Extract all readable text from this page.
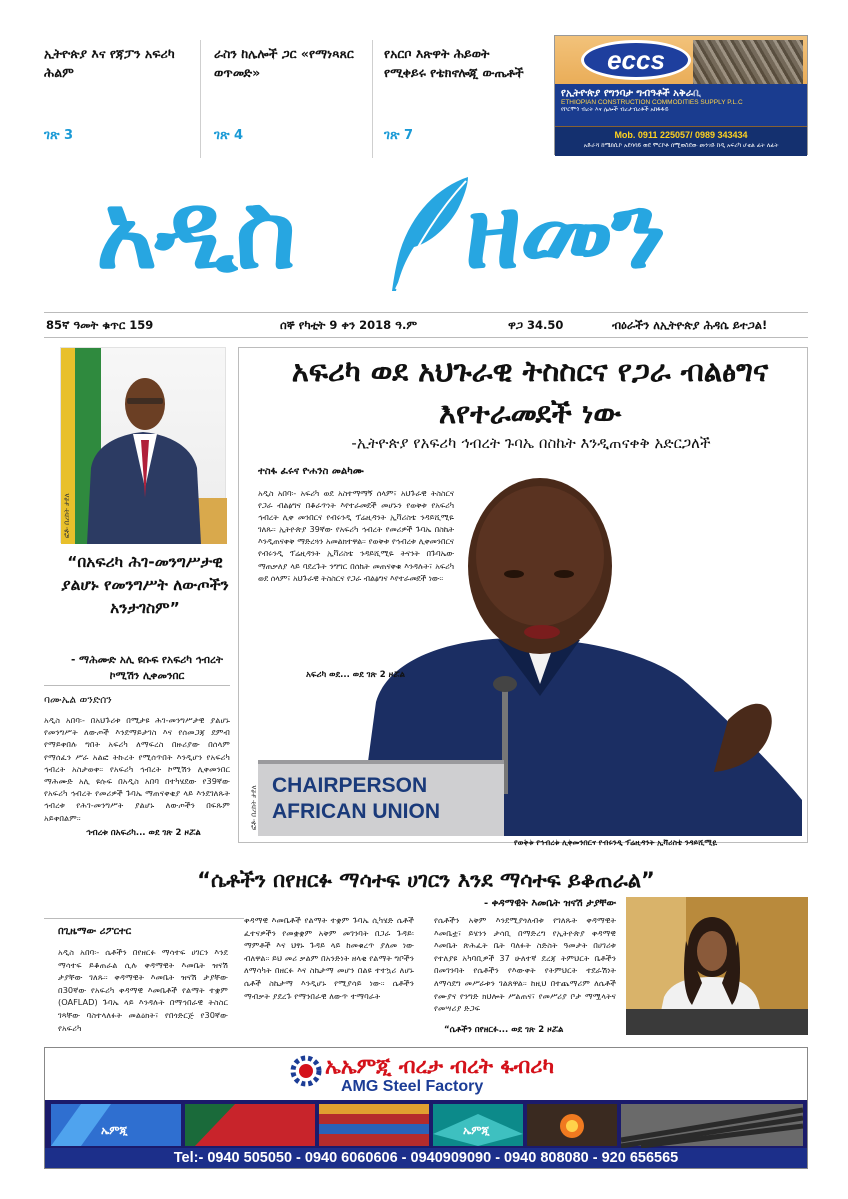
ኢትዮጵያ እና የጃፓን አፍሪካ ሕልም
ገጽ 3
ራስን ከሌሎች ጋር «የማነጻጸር ወጥመድ»
ገጽ 4
የአርቦ እጽዋት ሕይወት የሚቀይሩ የቴክኖሎጂ ውጤቶች
ገጽ 7
eccs
የኢትዮጵያ የግንባታ ግብዓቶች አቅራቢ
ETHIOPIAN CONSTRUCTION COMMODITIES SUPPLY P.L.C
የኮርሞጎ ብረት እና ሌሎች ብረታብረቶች አከፋፋይ
Mob. 0911 225057/ 0989 343434
አድራሻ ከሜክሲኮ አደባባይ ወደ ሞርኮቶ በሚወስደው መንገድ ከዲ አፍሪካ ሆቴል ፊት ለፊት
አዲስ ዘመን
85ኛ ዓመት ቁጥር 159	ሰኞ የካቲት 9 ቀን 2018 ዓ.ም	ዋጋ 34.50	ብዕራችን ለኢትዮጵያ ሕዳሴ ይተጋል!
ፎቶ፡ በረከት ታደለ
“በአፍሪካ ሕገ-መንግሥታዊ ያልሆኑ የመንግሥት ለውጦችን አንታገስም”
- ማሕሙድ አሊ ዩሱፍ የአፍሪካ ኅብረት ኮሚሽን ሊቀመንበር
ባሙኤል ወንድሰን
አዲስ አበባ፡- በአህጉሪቱ በሚታዩ ሕገ-መንግሥታዊ ያልሆኑ የመንግሥት ለውጦች እንደማይታገስ እና የሰመጋጃ ደምብ የማይቀበሉ ግበት አፍሪካ ለማፍረስ በዙሪያው በሰላም የማሰፈን ሥራ አልፎ ትኩረት የሚሰጥበት እንዲሆን የአፍሪካ ኅብረት አስታወቀ። የአፍሪካ ኅብረት ኮሚሽን ሊቀመንበር ማሕሙድ አሊ ዩሱፍ በአዲስ አበባ በተካሄደው የ39ኛው የአፍሪካ ኅብረት የመሪዎች ጉባኤ ማጠናቀቂያ ላይ እንደገለጹት ኅብረቱ የሕገ-መንግሥት ያልሆኑ ለውጦችን በፍጹም አይቀበልም።
ኅብረቱ በአፍሪካ... ወደ ገጽ 2 ዞሯል
አፍሪካ ወደ አህጉራዊ ትስስርና የጋራ ብልፅግና እየተራመደች ነው
-ኢትዮጵያ የአፍሪካ ኅብረት ጉባኤ በስኬት እንዲጠናቀቅ አድርጋለች
CHAIRPERSON
AFRICAN UNION
ፎቶ፡ በረከት ታደለ
ተስፋ ፈሩና ዮሐንስ መልካሙ
አዲስ አበባ፡- አፍሪካ ወደ አስተማማኝ ሰላም፣ አህጉራዊ ትስስርና የጋራ ብልፅግና በቆራጥነት እየተራመደች መሆኑን የወቅቱ የአፍሪካ ኅብረት ሊቀ መንበርና የብሩንዲ ፕሬዚዳንት ኢቫሪስቴ ንዳይሺሚዬ ገለጹ። ኢትዮጵያ 39ኛው የአፍሪካ ኅብረት የመሪዎች ጉባኤ በስኬት እንዲጠናቀቅ ማድረጓን አመልክተዋል። የወቅቱ የኅብረቱ ሊቀመንበርና የብሩንዲ ፕሬዚዳንት ኢቫሪስቴ ንዳይሺሚዬ ትናንት በጉባኤው ማጠቃለያ ላይ ባደረጉት ንግግር በሰኬት መጠናቀቁ እንዳሉት፣ አፍሪካ ወደ ሰላም፣ አህጉራዊ ትስስርና የጋራ ብልፅግና እየተራመደች ነው።
አፍሪካ ወደ... ወደ ገጽ 2 ዞሯል
የወቅቱ የኅብረቱ ሊቀመንበርና የብሩንዲ ፕሬዚዳንት ኢቫሪስቴ ንዳይሺሚዬ
“ሴቶችን በየዘርፉ ማሳተፍ ሀገርን እንደ ማሳተፍ ይቆጠራል”
- ቀዳማዊት እመቤት ዝናሽ ታያቸው
በጊዜማው ሪፖርተር
አዲስ አበባ፡- ሴቶችን በየዘርፉ ማሳተፍ ሀገርን እንደ ማሳተፍ ይቆጠራል ሲሉ ቀዳማዊት እመቤት ዝናሽ ታያቸው ገለጹ። ቀዳማዊት እመቤት ዝናሽ ታያቸው በ30ኛው የአፍሪካ ቀዳማዊ እመቤቶች የልማት ተቋም (OAFLAD) ጉባኤ ላይ እንዳሉት በማኅበራዊ ትስስር ገጻቸው ባስተላለፉት መልዕክት፣ የበጎድርጅ የ30ኛው የአፍሪካ
ቀዳማዊ እመቤቶች የልማት ተቋም ጉባኤ ሲካሄድ ሴቶች ፈተናዎችን የመቋቋም አቅም መገንባት በጋራ ጉዳይ፡ ማምቶች እና ህፃኑ ጉዳይ ላይ ከመቁረጥ ያለመ ነው ብለዋል። ይህ መሪ ቃልም በአንድነት ዘላቂ የልማት ግቦችን ለማሳካት በዘርፉ እና ስኬታማ መሆን በልዩ ተተኳሪ ለሆኑ ሴቶች ስኬታማ እንዲሆኑ የሚያሳይ ነው። ሴቶችን ማብቃት ያደረጉ የማንበራዊ ለውጥ ተማባራት
የሴቶችን አቅም እንደሚያጎለብቱ የገለጹት ቀዳማዊት እመቤቷ፣ ይሄንን ታሳቢ በማድረግ የኢትዮጵያ ቀዳማዊ እመቤት ጽሕፈት ቤት ባለፉት ስድስት ዓመታት በሀገሪቱ የተለያዩ አካባቢዎች 37 ሁለተኛ ደረጃ ትምህርት ቤቶችን በመገንባት የሴቶችን የእውቀት የትምህርት ተደራሽነት ለማሳደግ መሥራቱን ገልጸዋል። ከዚህ በተጨማሪም ለሴቶች የሙያና የንግድ ክህሎት ሥልጠና፣ የመሥሪያ ቦታ ማሟላትና የመሣሪያ ድጋፍ
“ሴቶችን በየዘርፉ... ወደ ገጽ 2 ዞሯል
ኤኤምጂ ብረታ ብረት ፋብሪካ
AMG Steel Factory
ኤምጂ	ኤምጂ
Tel:- 0940 505050 - 0940 6060606 - 0940909090 - 0940 808080 - 920 656565
